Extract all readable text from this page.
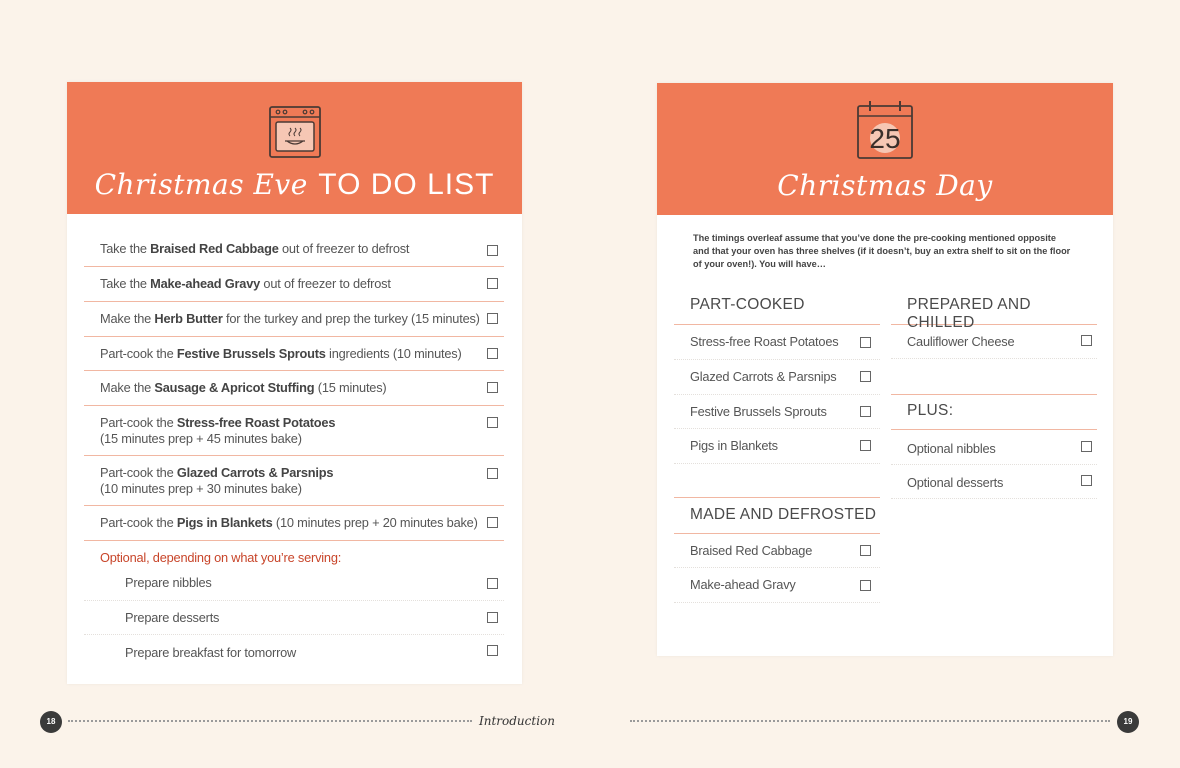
Christmas Eve TO DO LIST
Take the Braised Red Cabbage out of freezer to defrost
Take the Make-ahead Gravy out of freezer to defrost
Make the Herb Butter for the turkey and prep the turkey (15 minutes)
Part-cook the Festive Brussels Sprouts ingredients (10 minutes)
Make the Sausage & Apricot Stuffing (15 minutes)
Part-cook the Stress-free Roast Potatoes
(15 minutes prep + 45 minutes bake)
Part-cook the Glazed Carrots & Parsnips
(10 minutes prep + 30 minutes bake)
Part-cook the Pigs in Blankets (10 minutes prep + 20 minutes bake)
Optional, depending on what you’re serving:
Prepare nibbles
Prepare desserts
Prepare breakfast for tomorrow
25
Christmas Day
The timings overleaf assume that you’ve done the pre-cooking mentioned opposite and that your oven has three shelves (if it doesn’t, buy an extra shelf to sit on the floor of your oven!). You will have…
PART-COOKED
Stress-free Roast Potatoes
Glazed Carrots & Parsnips
Festive Brussels Sprouts
Pigs in Blankets
MADE AND DEFROSTED
Braised Red Cabbage
Make-ahead Gravy
PREPARED AND CHILLED
Cauliflower Cheese
PLUS:
Optional nibbles
Optional desserts
18	Introduction	19
